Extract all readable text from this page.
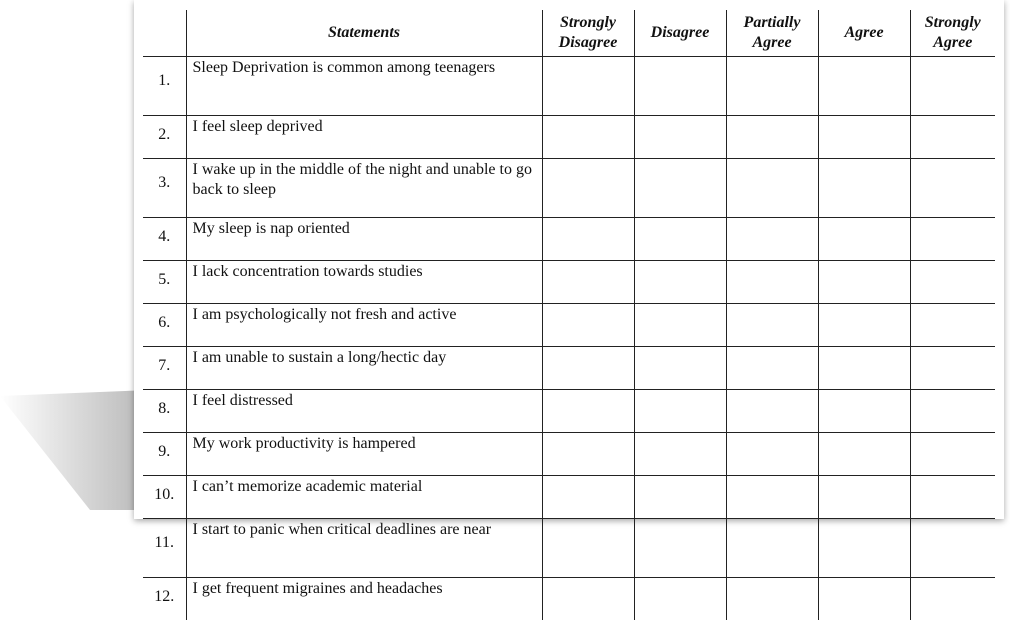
	Statements	Strongly Disagree	Disagree	Partially Agree	Agree	Strongly Agree
1.	Sleep Deprivation is common among teenagers					
2.	I feel sleep deprived					
3.	I wake up in the middle of the night and unable to go back to sleep					
4.	My sleep is nap oriented					
5.	I lack concentration towards studies					
6.	I am psychologically not fresh and active					
7.	I am unable to sustain a long/hectic day					
8.	I feel distressed					
9.	My work productivity is hampered					
10.	I can’t memorize academic material					
11.	I start to panic when critical deadlines are near					
12.	I get frequent migraines and headaches					
